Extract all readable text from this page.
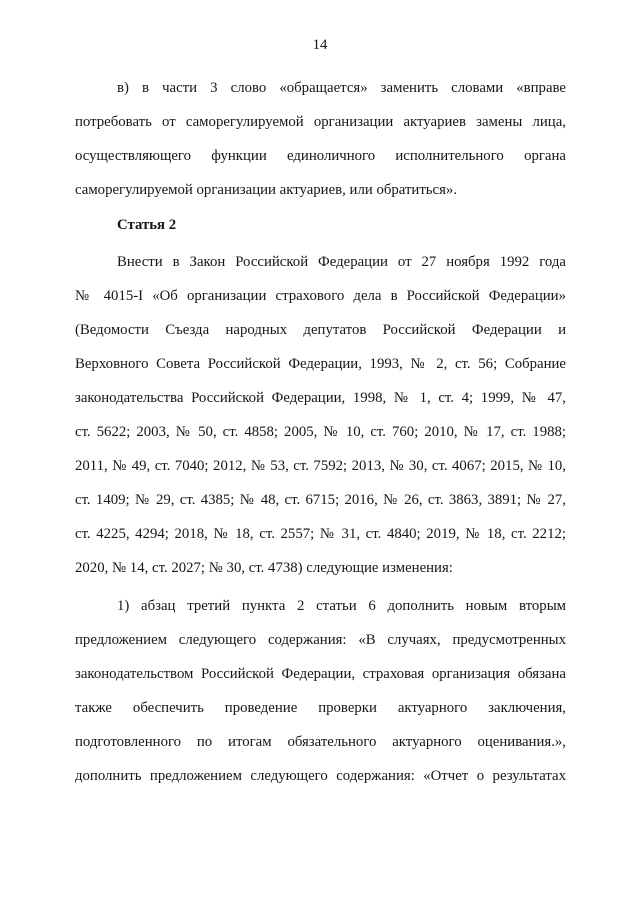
14
в) в части 3 слово «обращается» заменить словами «вправе
потребовать от саморегулируемой организации актуариев замены лица,
осуществляющего функции единоличного исполнительного органа
саморегулируемой организации актуариев, или обратиться».
Статья 2
Внести в Закон Российской Федерации от 27 ноября 1992 года
№ 4015-I «Об организации страхового дела в Российской Федерации»
(Ведомости Съезда народных депутатов Российской Федерации и
Верховного Совета Российской Федерации, 1993, № 2, ст. 56; Собрание
законодательства Российской Федерации, 1998, № 1, ст. 4; 1999, № 47,
ст. 5622; 2003, № 50, ст. 4858; 2005, № 10, ст. 760; 2010, № 17, ст. 1988;
2011, № 49, ст. 7040; 2012, № 53, ст. 7592; 2013, № 30, ст. 4067; 2015, № 10,
ст. 1409; № 29, ст. 4385; № 48, ст. 6715; 2016, № 26, ст. 3863, 3891; № 27,
ст. 4225, 4294; 2018, № 18, ст. 2557; № 31, ст. 4840; 2019, № 18, ст. 2212;
2020, № 14, ст. 2027; № 30, ст. 4738) следующие изменения:
1) абзац третий пункта 2 статьи 6 дополнить новым вторым
предложением следующего содержания: «В случаях, предусмотренных
законодательством Российской Федерации, страховая организация обязана
также обеспечить проведение проверки актуарного заключения,
подготовленного по итогам обязательного актуарного оценивания.»,
дополнить предложением следующего содержания: «Отчет о результатах
